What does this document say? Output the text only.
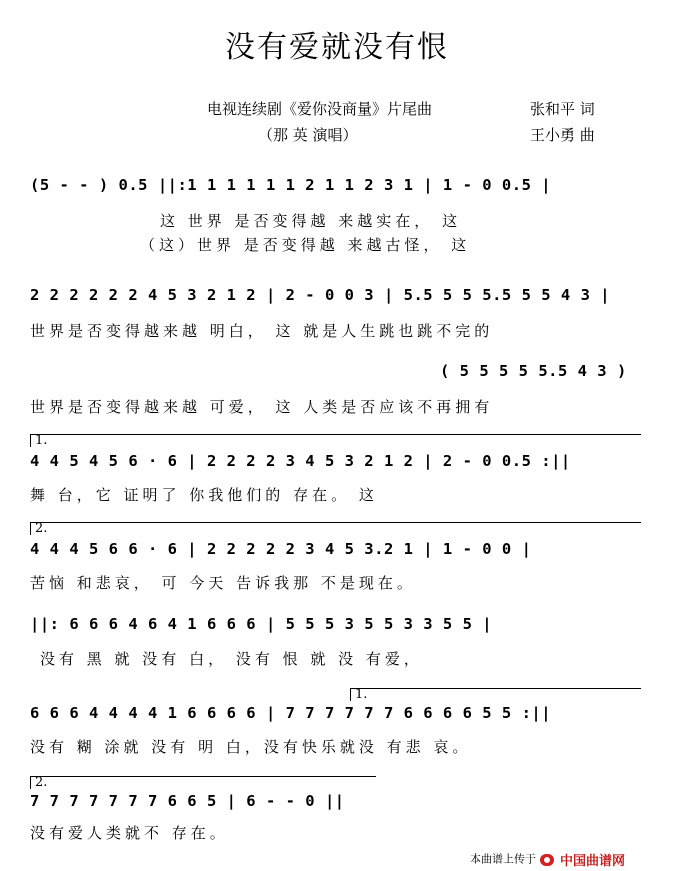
没有爱就没有恨
电视连续剧《爱你没商量》片尾曲
（那 英 演唱）
张和平 词
王小勇 曲
(5 - - ) 0.5 ||:1 1 1 1 1 1 2 1 1 2 3 1 | 1 - 0 0.5 |
这 世界 是否变得越 来越实在， 这
（这）世界 是否变得越 来越古怪， 这
2 2 2 2 2 2 4 5 3 2 1 2 | 2 - 0 0 3 | 5.5 5 5 5.5 5 5 4 3 |
世界是否变得越来越 明白， 这 就是人生跳也跳不完的
( 5 5 5 5 5.5 4 3 )
世界是否变得越来越 可爱， 这 人类是否应该不再拥有
1.
4 4 5 4 5 6 · 6 | 2 2 2 2 3 4 5 3 2 1 2 | 2 - 0 0.5 :||
舞 台，它 证明了 你我他们的 存在。 这
2.
4 4 4 5 6 6 · 6 | 2 2 2 2 2 3 4 5 3.2 1 | 1 - 0 0 |
苦恼 和悲哀， 可 今天 告诉我那 不是现在。
||: 6 6 6 4 6 4 1 6 6 6 | 5 5 5 3 5 5 3 3 5 5 |
没有 黑 就 没有 白， 没有 恨 就 没 有爱，
1.
6 6 6 4 4 4 4 1 6 6 6 6 | 7 7 7 7 7 7 6 6 6 6 5 5 :||
没有 糊 涂就 没有 明 白，没有快乐就没 有悲 哀。
2.
7 7 7 7 7 7 7 6 6 5 | 6 - - 0 ||
没有爱人类就不 存在。
本曲谱上传于 中国曲谱网
